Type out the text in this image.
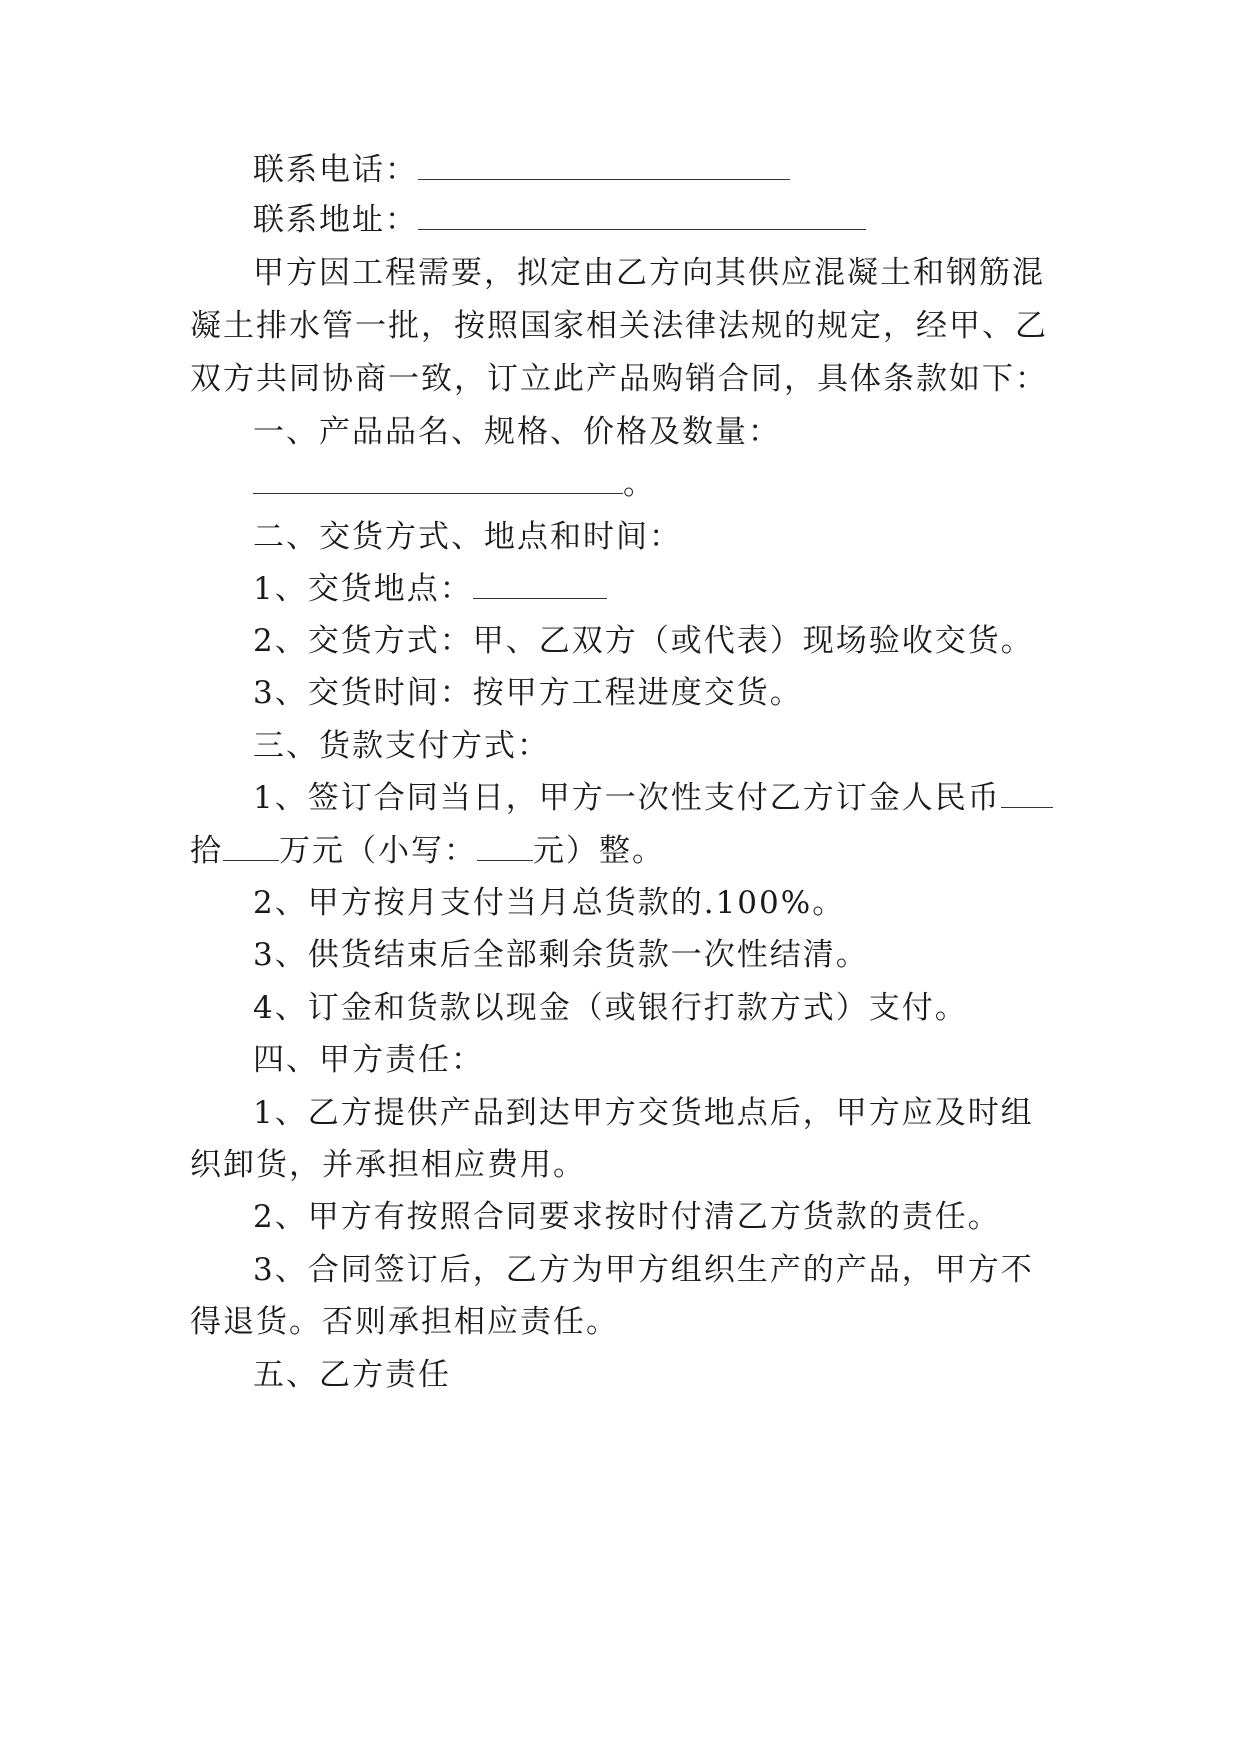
联系电话：
联系地址：
甲方因工程需要，拟定由乙方向其供应混凝土和钢筋混
凝土排水管一批，按照国家相关法律法规的规定，经甲、乙
双方共同协商一致，订立此产品购销合同，具体条款如下：
一、产品品名、规格、价格及数量：
。
二、交货方式、地点和时间：
1、交货地点：
2、交货方式：甲、乙双方（或代表）现场验收交货。
3、交货时间：按甲方工程进度交货。
三、货款支付方式：
1、签订合同当日，甲方一次性支付乙方订金人民币
拾 万元（小写： 元）整。
2、甲方按月支付当月总货款的.100%。
3、供货结束后全部剩余货款一次性结清。
4、订金和货款以现金（或银行打款方式）支付。
四、甲方责任：
1、乙方提供产品到达甲方交货地点后，甲方应及时组
织卸货，并承担相应费用。
2、甲方有按照合同要求按时付清乙方货款的责任。
3、合同签订后，乙方为甲方组织生产的产品，甲方不
得退货。否则承担相应责任。
五、乙方责任
